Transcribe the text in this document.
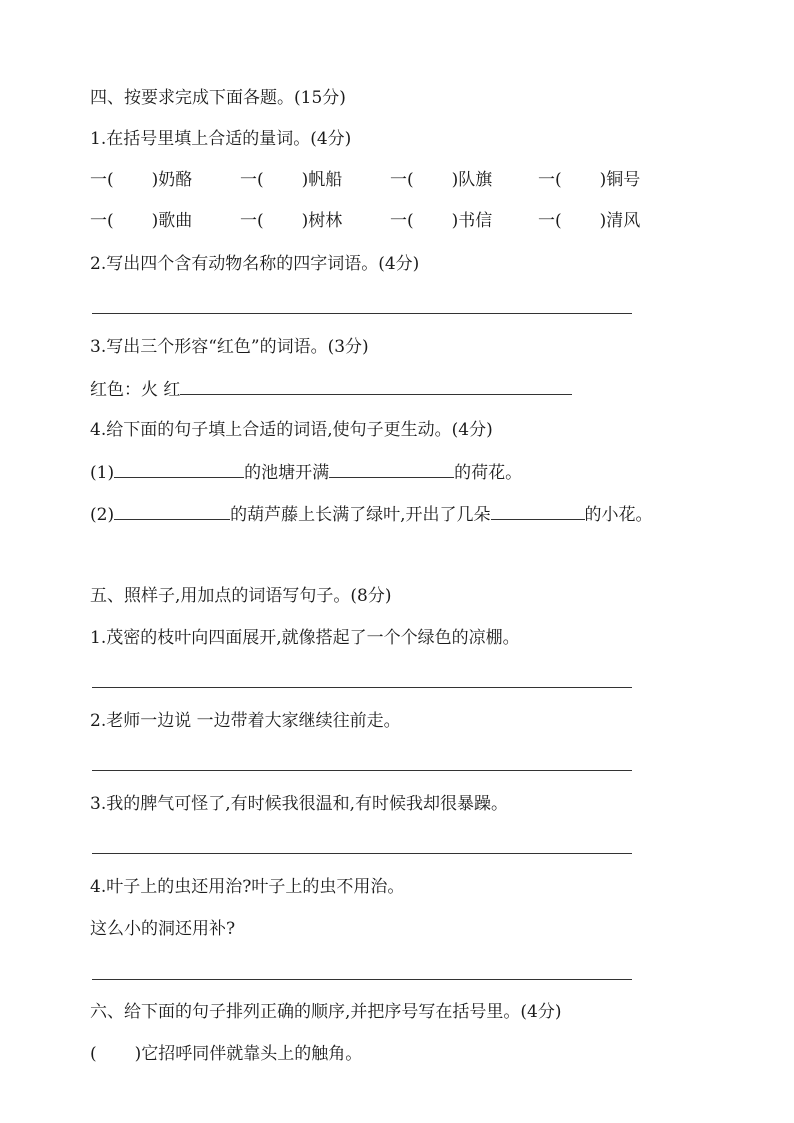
四、按要求完成下面各题。(15分)
1.在括号里填上合适的量词。(4分)
一( )奶酪	一( )帆船	一( )队旗	一( )铜号
一( )歌曲	一( )树林	一( )书信	一( )清风
2.写出四个含有动物名称的四字词语。(4分)
3.写出三个形容“红色”的词语。(3分)
红色：火 红
4.给下面的句子填上合适的词语,使句子更生动。(4分)
(1)	的池塘开满	的荷花。
(2)	的葫芦藤上长满了绿叶,开出了几朵	的小花。
五、照样子,用加点的词语写句子。(8分)
1.茂密的枝叶向四面展开,就像搭起了一个个绿色的凉棚。
2.老师一边说 一边带着大家继续往前走。
3.我的脾气可怪了,有时候我很温和,有时候我却很暴躁。
4.叶子上的虫还用治?叶子上的虫不用治。
这么小的洞还用补?
六、给下面的句子排列正确的顺序,并把序号写在括号里。(4分)
( )它招呼同伴就靠头上的触角。
